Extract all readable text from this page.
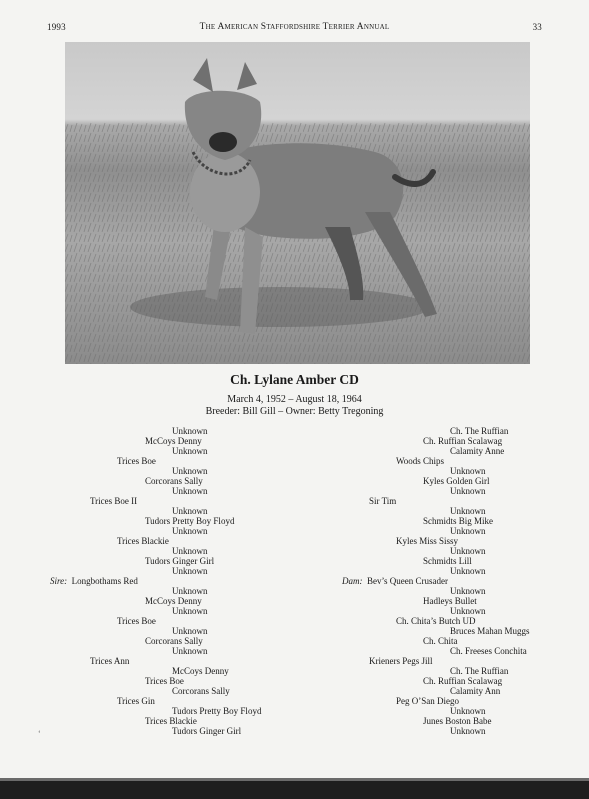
1993	The American Staffordshire Terrier Annual	33
Ch. Lylane Amber CD
March 4, 1952 – August 18, 1964
Breeder: Bill Gill – Owner: Betty Tregoning
Unknown
McCoys Denny
Unknown
Trices Boe
Unknown
Corcorans Sally
Unknown
Trices Boe II
Unknown
Tudors Pretty Boy Floyd
Unknown
Trices Blackie
Unknown
Tudors Ginger Girl
Unknown
Sire: Longbothams Red
Unknown
McCoys Denny
Unknown
Trices Boe
Unknown
Corcorans Sally
Unknown
Trices Ann
McCoys Denny
Trices Boe
Corcorans Sally
Trices Gin
Tudors Pretty Boy Floyd
Trices Blackie
Tudors Ginger Girl
Ch. The Ruffian
Ch. Ruffian Scalawag
Calamity Anne
Woods Chips
Unknown
Kyles Golden Girl
Unknown
Sir Tim
Unknown
Schmidts Big Mike
Unknown
Kyles Miss Sissy
Unknown
Schmidts Lill
Unknown
Dam: Bev’s Queen Crusader
Unknown
Hadleys Bullet
Unknown
Ch. Chita’s Butch UD
Bruces Mahan Muggs
Ch. Chita
Ch. Freeses Conchita
Krieners Pegs Jill
Ch. The Ruffian
Ch. Ruffian Scalawag
Calamity Ann
Peg O’San Diego
Unknown
Junes Boston Babe
Unknown
‘
